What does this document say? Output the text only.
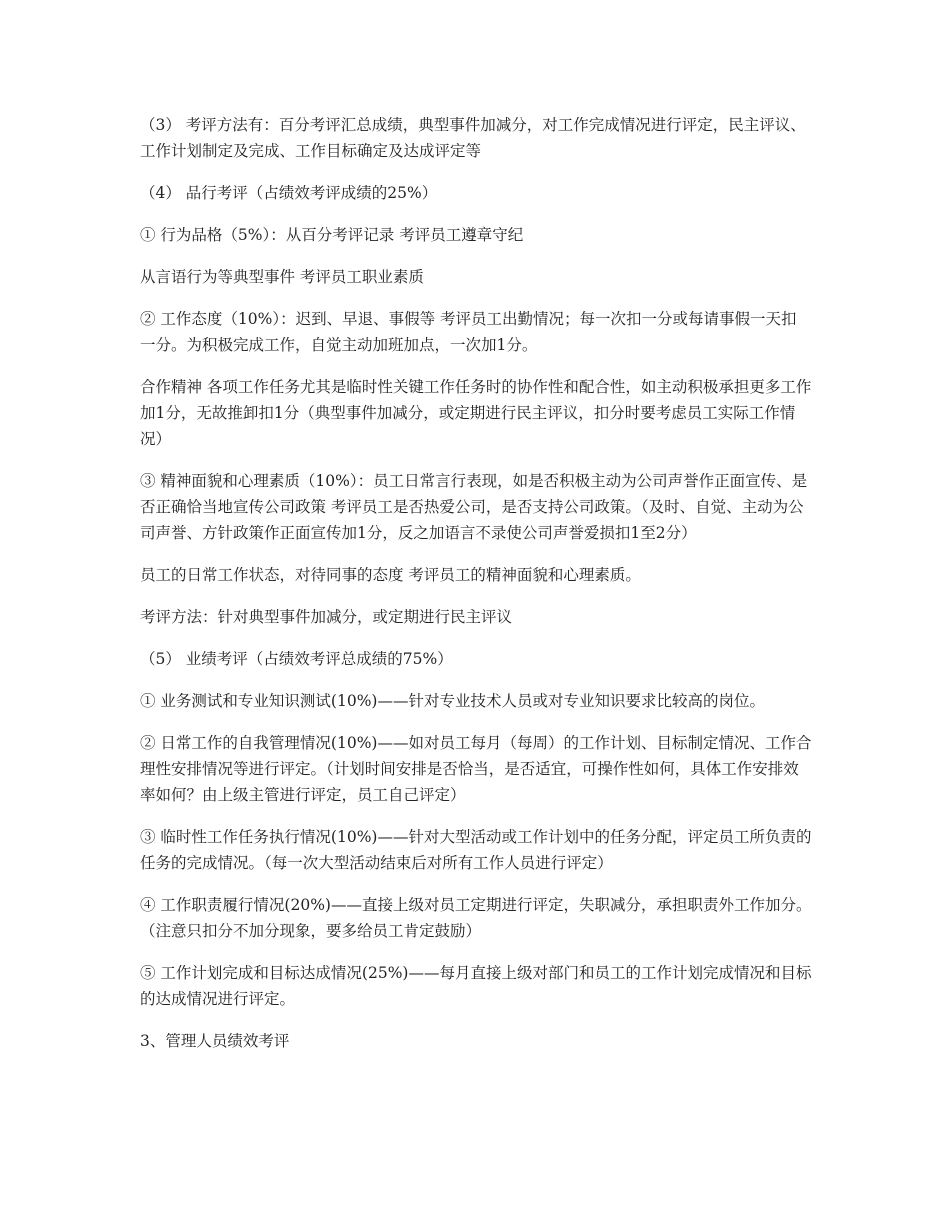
（3） 考评方法有：百分考评汇总成绩，典型事件加减分，对工作完成情况进行评定，民主评议、工作计划制定及完成、工作目标确定及达成评定等

（4） 品行考评（占绩效考评成绩的25%）

① 行为品格（5%）：从百分考评记录 考评员工遵章守纪

从言语行为等典型事件 考评员工职业素质

② 工作态度（10%）：迟到、早退、事假等 考评员工出勤情况；每一次扣一分或每请事假一天扣一分。为积极完成工作，自觉主动加班加点，一次加1分。

合作精神 各项工作任务尤其是临时性关键工作任务时的协作性和配合性，如主动积极承担更多工作加1分，无故推卸扣1分（典型事件加减分，或定期进行民主评议，扣分时要考虑员工实际工作情况）

③ 精神面貌和心理素质（10%）：员工日常言行表现，如是否积极主动为公司声誉作正面宣传、是否正确恰当地宣传公司政策 考评员工是否热爱公司，是否支持公司政策。（及时、自觉、主动为公司声誉、方针政策作正面宣传加1分，反之加语言不录使公司声誉爱损扣1至2分）

员工的日常工作状态，对待同事的态度 考评员工的精神面貌和心理素质。

考评方法：针对典型事件加减分，或定期进行民主评议

（5） 业绩考评（占绩效考评总成绩的75%）

① 业务测试和专业知识测试(10%)——针对专业技术人员或对专业知识要求比较高的岗位。

② 日常工作的自我管理情况(10%)——如对员工每月（每周）的工作计划、目标制定情况、工作合理性安排情况等进行评定。（计划时间安排是否恰当，是否适宜，可操作性如何，具体工作安排效率如何？由上级主管进行评定，员工自己评定）

③ 临时性工作任务执行情况(10%)——针对大型活动或工作计划中的任务分配，评定员工所负责的任务的完成情况。（每一次大型活动结束后对所有工作人员进行评定）

④ 工作职责履行情况(20%)——直接上级对员工定期进行评定，失职减分，承担职责外工作加分。（注意只扣分不加分现象，要多给员工肯定鼓励）

⑤ 工作计划完成和目标达成情况(25%)——每月直接上级对部门和员工的工作计划完成情况和目标的达成情况进行评定。

3、管理人员绩效考评
